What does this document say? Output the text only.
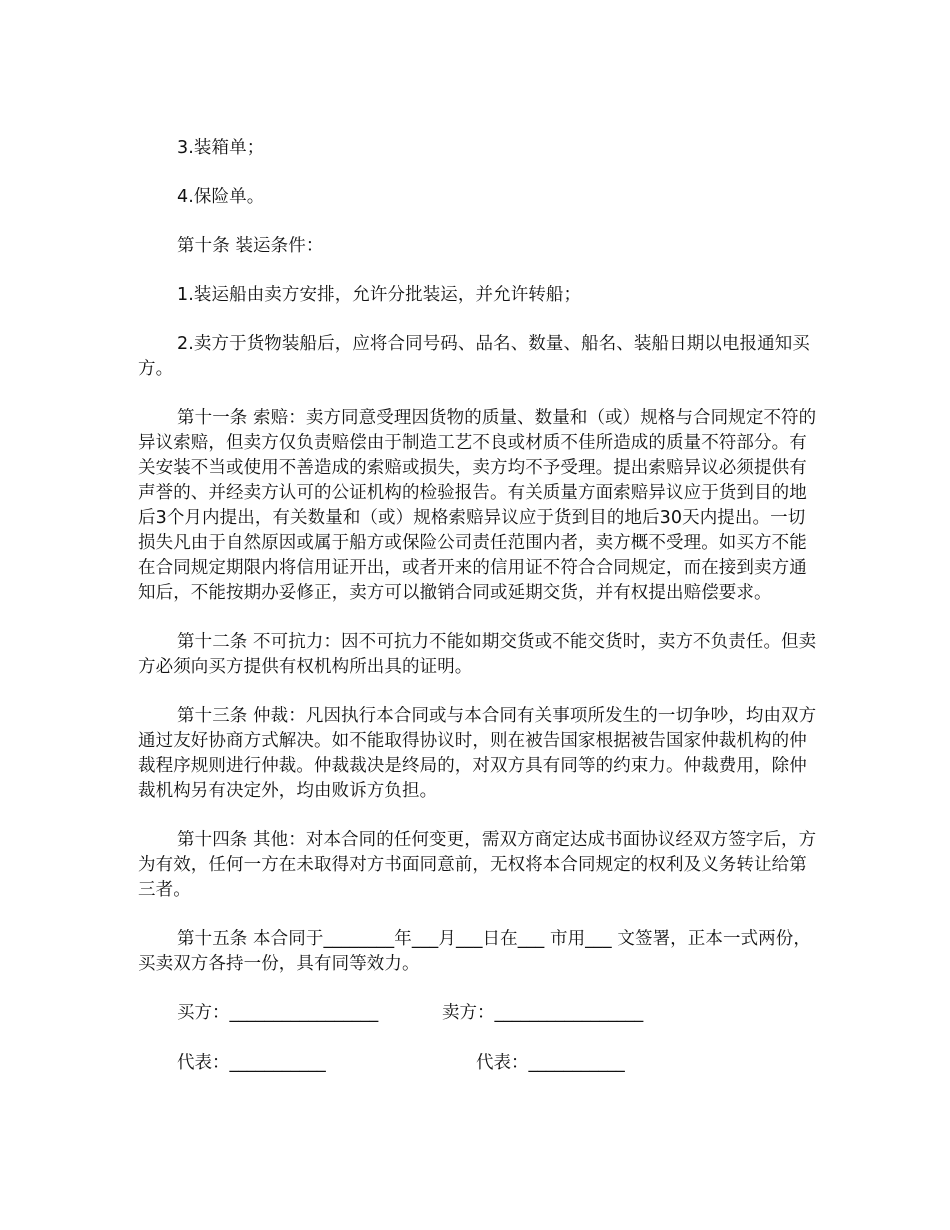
3.装箱单；

4.保险单。

第十条 装运条件：

1.装运船由卖方安排，允许分批装运，并允许转船；

2.卖方于货物装船后，应将合同号码、品名、数量、船名、装船日期以电报通知买方。

第十一条 索赔：卖方同意受理因货物的质量、数量和（或）规格与合同规定不符的异议索赔，但卖方仅负责赔偿由于制造工艺不良或材质不佳所造成的质量不符部分。有关安装不当或使用不善造成的索赔或损失，卖方均不予受理。提出索赔异议必须提供有声誉的、并经卖方认可的公证机构的检验报告。有关质量方面索赔异议应于货到目的地后3个月内提出，有关数量和（或）规格索赔异议应于货到目的地后30天内提出。一切损失凡由于自然原因或属于船方或保险公司责任范围内者，卖方概不受理。如买方不能在合同规定期限内将信用证开出，或者开来的信用证不符合合同规定，而在接到卖方通知后，不能按期办妥修正，卖方可以撤销合同或延期交货，并有权提出赔偿要求。

第十二条 不可抗力：因不可抗力不能如期交货或不能交货时，卖方不负责任。但卖方必须向买方提供有权机构所出具的证明。

第十三条 仲裁：凡因执行本合同或与本合同有关事项所发生的一切争吵，均由双方通过友好协商方式解决。如不能取得协议时，则在被告国家根据被告国家仲裁机构的仲裁程序规则进行仲裁。仲裁裁决是终局的，对双方具有同等的约束力。仲裁费用，除仲裁机构另有决定外，均由败诉方负担。

第十四条 其他：对本合同的任何变更，需双方商定达成书面协议经双方签字后，方为有效，任何一方在未取得对方书面同意前，无权将本合同规定的权利及义务转让给第三者。

第十五条 本合同于________年___月___日在___ 市用___ 文签署，正本一式两份，买卖双方各持一份，具有同等效力。

买方：_________________

	卖方：_________________

代表：___________

	代表：___________
